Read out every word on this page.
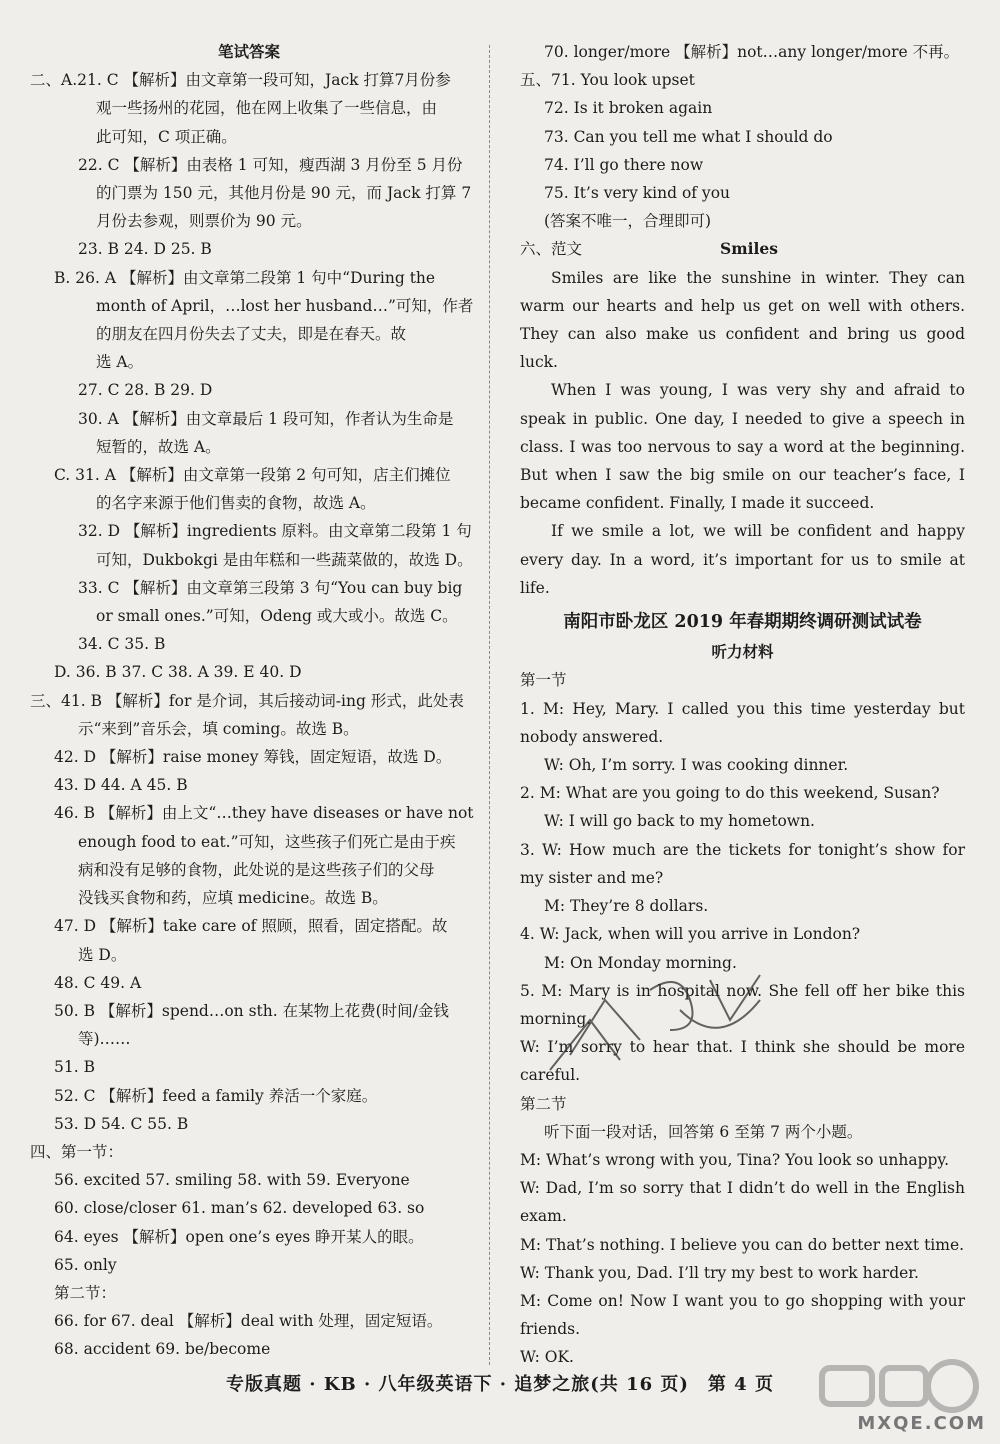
笔试答案
二、A.21. C 【解析】由文章第一段可知，Jack 打算7月份参
观一些扬州的花园，他在网上收集了一些信息，由
此可知，C 项正确。
22. C 【解析】由表格 1 可知，瘦西湖 3 月份至 5 月份
的门票为 150 元，其他月份是 90 元，而 Jack 打算 7
月份去参观，则票价为 90 元。
23. B 24. D 25. B
B. 26. A 【解析】由文章第二段第 1 句中“During the
month of April，…lost her husband…”可知，作者
的朋友在四月份失去了丈夫，即是在春天。故
选 A。
27. C 28. B 29. D
30. A 【解析】由文章最后 1 段可知，作者认为生命是
短暂的，故选 A。
C. 31. A 【解析】由文章第一段第 2 句可知，店主们摊位
的名字来源于他们售卖的食物，故选 A。
32. D 【解析】ingredients 原料。由文章第二段第 1 句
可知，Dukbokgi 是由年糕和一些蔬菜做的，故选 D。
33. C 【解析】由文章第三段第 3 句“You can buy big
or small ones.”可知，Odeng 或大或小。故选 C。
34. C 35. B
D. 36. B 37. C 38. A 39. E 40. D
三、41. B 【解析】for 是介词，其后接动词-ing 形式，此处表
示“来到”音乐会，填 coming。故选 B。
42. D 【解析】raise money 筹钱，固定短语，故选 D。
43. D 44. A 45. B
46. B 【解析】由上文“…they have diseases or have not
enough food to eat.”可知，这些孩子们死亡是由于疾
病和没有足够的食物，此处说的是这些孩子们的父母
没钱买食物和药，应填 medicine。故选 B。
47. D 【解析】take care of 照顾，照看，固定搭配。故
选 D。
48. C 49. A
50. B 【解析】spend…on sth. 在某物上花费(时间/金钱
等)……
51. B
52. C 【解析】feed a family 养活一个家庭。
53. D 54. C 55. B
四、第一节：
56. excited 57. smiling 58. with 59. Everyone
60. close/closer 61. man’s 62. developed 63. so
64. eyes 【解析】open one’s eyes 睁开某人的眼。
65. only
第二节：
66. for 67. deal 【解析】deal with 处理，固定短语。
68. accident 69. be/become
70. longer/more 【解析】not…any longer/more 不再。
五、71. You look upset
72. Is it broken again
73. Can you tell me what I should do
74. I’ll go there now
75. It’s very kind of you
(答案不唯一，合理即可)
六、范文	Smiles
Smiles are like the sunshine in winter. They can warm our hearts and help us get on well with others. They can also make us confident and bring us good luck.
When I was young, I was very shy and afraid to speak in public. One day, I needed to give a speech in class. I was too nervous to say a word at the beginning. But when I saw the big smile on our teacher’s face, I became confident. Finally, I made it succeed.
If we smile a lot, we will be confident and happy every day. In a word, it’s important for us to smile at life.
南阳市卧龙区 2019 年春期期终调研测试试卷
听力材料
第一节
1. M: Hey, Mary. I called you this time yesterday but nobody answered.
W: Oh, I’m sorry. I was cooking dinner.
2. M: What are you going to do this weekend, Susan?
W: I will go back to my hometown.
3. W: How much are the tickets for tonight’s show for my sister and me?
M: They’re 8 dollars.
4. W: Jack, when will you arrive in London?
M: On Monday morning.
5. M: Mary is in hospital now. She fell off her bike this morning.
W: I’m sorry to hear that. I think she should be more careful.
第二节
听下面一段对话，回答第 6 至第 7 两个小题。
M: What’s wrong with you, Tina? You look so unhappy.
W: Dad, I’m so sorry that I didn’t do well in the English exam.
M: That’s nothing. I believe you can do better next time.
W: Thank you, Dad. I’ll try my best to work harder.
M: Come on! Now I want you to go shopping with your friends.
W: OK.
专版真题 · KB · 八年级英语下 · 追梦之旅(共 16 页)　第 4 页
MXQE.COM
